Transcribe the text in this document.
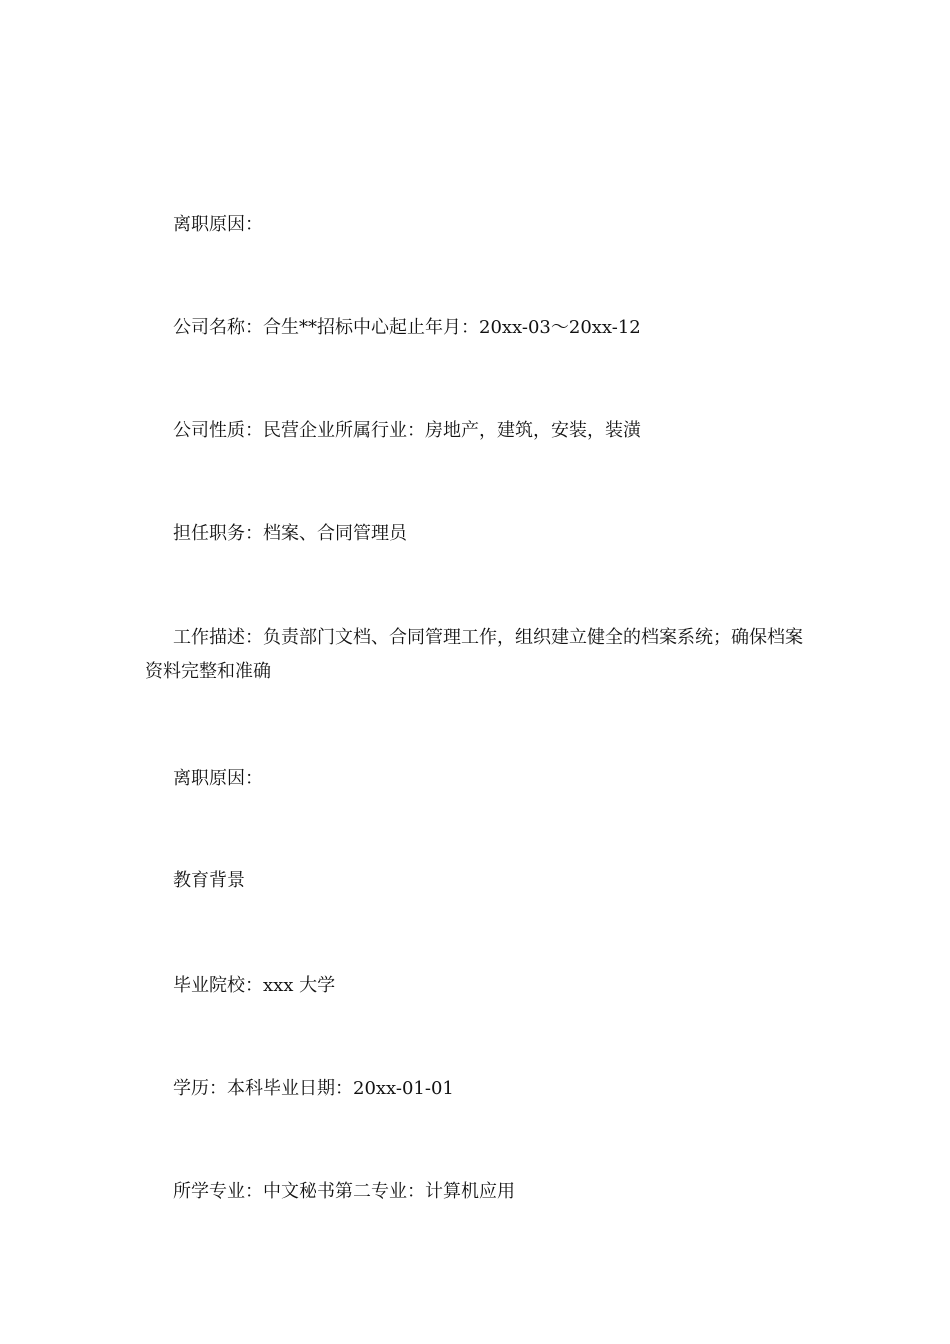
离职原因：

公司名称：合生**招标中心起止年月：20xx-03～20xx-12

公司性质：民营企业所属行业：房地产，建筑，安装，装潢

担任职务：档案、合同管理员

工作描述：负责部门文档、合同管理工作，组织建立健全的档案系统；确保档案资料完整和准确

离职原因：

教育背景

毕业院校：xxx 大学

学历：本科毕业日期：20xx-01-01

所学专业：中文秘书第二专业：计算机应用
